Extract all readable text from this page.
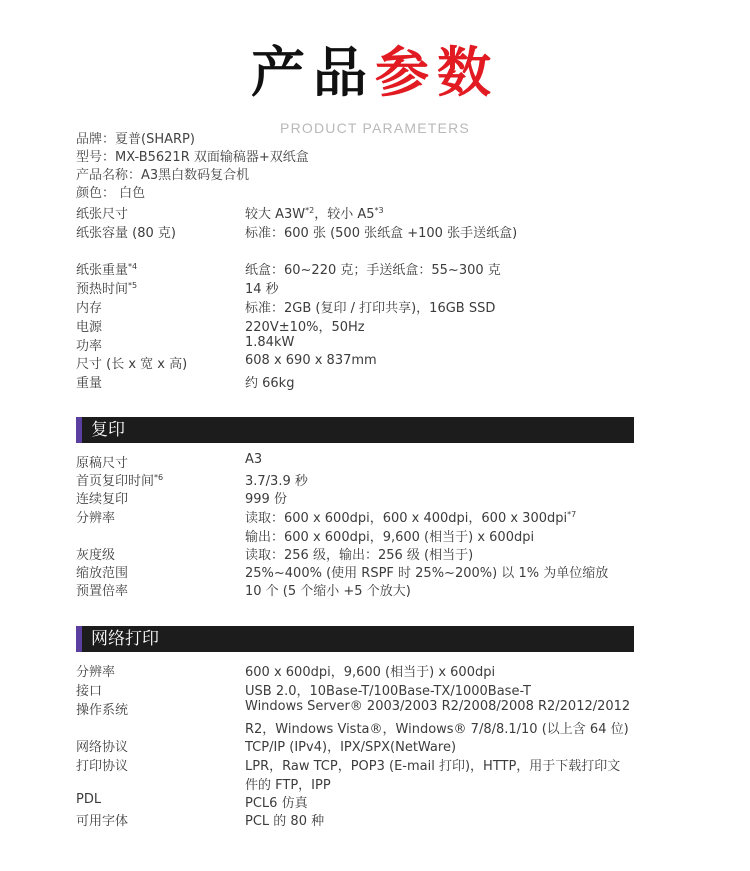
产品参数
PRODUCT PARAMETERS
品牌：夏普(SHARP)
型号：MX-B5621R 双面输稿器+双纸盒
产品名称：A3黑白数码复合机
颜色： 白色
纸张尺寸	较大 $A3W^{*2}$，较小 A5$^{*3}$
纸张容量 (80 克)	标准：600 张 (500 张纸盒 +100 张手送纸盒)
纸张重量$^{*4}$	纸盒：60~220 克；手送纸盒：55~300 克
预热时间$^{*5}$	14 秒
内存	标准：2GB (复印 / 打印共享)，16GB SSD
电源	220V±10%，50Hz
功率	1.84kW
尺寸 (长 x 宽 x 高)	608 x 690 x 837mm
重量	约 66kg
复印
原稿尺寸	A3
首页复印时间$^{*6}$	3.7/3.9 秒
连续复印	999 份
分辨率	读取：600 x 600dpi，600 x 400dpi，600 x 300dpi$^{*7}$
输出：600 x 600dpi，9,600 (相当于) x 600dpi
灰度级	读取：256 级，输出：256 级 (相当于)
缩放范围	25%~400% (使用 RSPF 时 25%~200%) 以 1% 为单位缩放
预置倍率	10 个 (5 个缩小 +5 个放大)
网络打印
分辨率	600 x 600dpi，9,600 (相当于) x 600dpi
接口	USB 2.0，10Base-T/100Base-TX/1000Base-T
操作系统	Windows Server® 2003/2003 R2/2008/2008 R2/2012/2012
R2，Windows Vista®，Windows® 7/8/8.1/10 (以上含 64 位)
网络协议	TCP/IP (IPv4)，IPX/SPX(NetWare)
打印协议	LPR，Raw TCP，POP3 (E-mail 打印)，HTTP，用于下载打印文
件的 FTP，IPP
PDL	PCL6 仿真
可用字体	PCL 的 80 种
